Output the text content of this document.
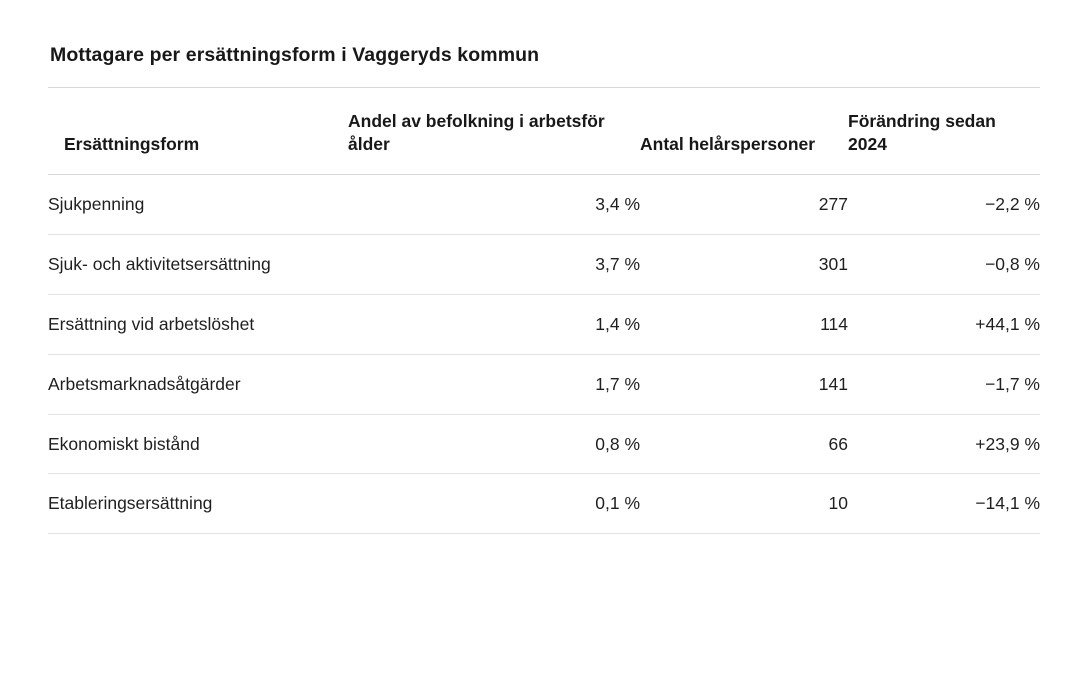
Mottagare per ersättningsform i Vaggeryds kommun
Ersättningsform	Andel av befolkning i arbetsför ålder	Antal helårspersoner	Förändring sedan 2024

Sjukpenning	3,4 %	277	−2,2 %

Sjuk- och aktivitetsersättning	3,7 %	301	−0,8 %

Ersättning vid arbetslöshet	1,4 %	114	+44,1 %

Arbetsmarknadsåtgärder	1,7 %	141	−1,7 %

Ekonomiskt bistånd	0,8 %	66	+23,9 %

Etableringsersättning	0,1 %	10	−14,1 %
